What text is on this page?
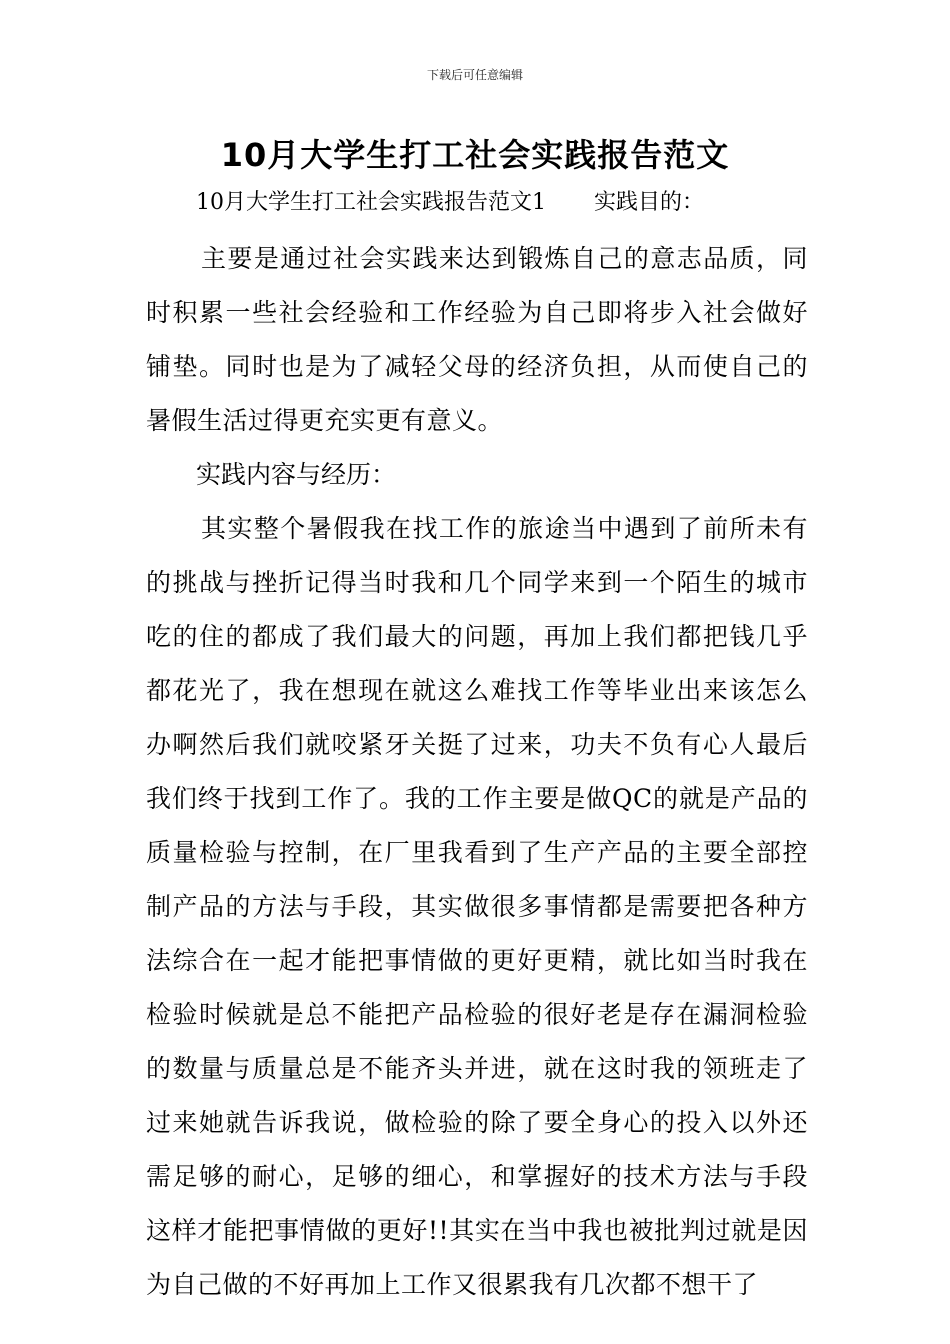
下载后可任意编辑
10月大学生打工社会实践报告范文
10月大学生打工社会实践报告范文1 实践目的：

主要是通过社会实践来达到锻炼自己的意志品质，同时积累一些社会经验和工作经验为自己即将步入社会做好铺垫。同时也是为了减轻父母的经济负担，从而使自己的暑假生活过得更充实更有意义。

实践内容与经历：

其实整个暑假我在找工作的旅途当中遇到了前所未有的挑战与挫折记得当时我和几个同学来到一个陌生的城市吃的住的都成了我们最大的问题，再加上我们都把钱几乎都花光了，我在想现在就这么难找工作等毕业出来该怎么办啊然后我们就咬紧牙关挺了过来，功夫不负有心人最后我们终于找到工作了。我的工作主要是做QC的就是产品的质量检验与控制，在厂里我看到了生产产品的主要全部控制产品的方法与手段，其实做很多事情都是需要把各种方法综合在一起才能把事情做的更好更精，就比如当时我在检验时候就是总不能把产品检验的很好老是存在漏洞检验的数量与质量总是不能齐头并进，就在这时我的领班走了过来她就告诉我说，做检验的除了要全身心的投入以外还需足够的耐心，足够的细心，和掌握好的技术方法与手段这样才能把事情做的更好!!其实在当中我也被批判过就是因为自己做的不好再加上工作又很累我有几次都不想干了
